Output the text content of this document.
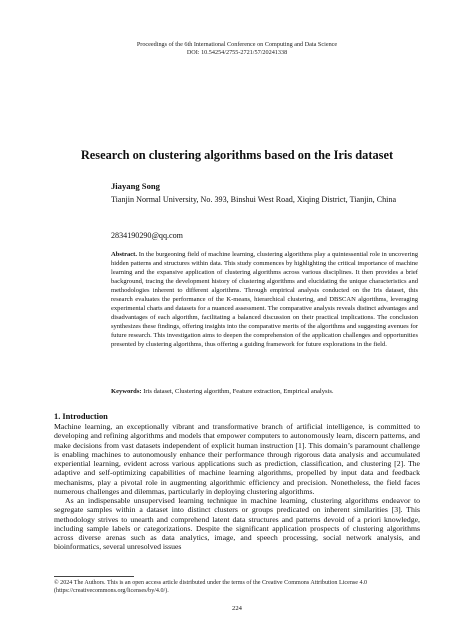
Proceedings of the 6th International Conference on Computing and Data Science
DOI: 10.54254/2755-2721/57/20241338
Research on clustering algorithms based on the Iris dataset
Jiayang Song
Tianjin Normal University, No. 393, Binshui West Road, Xiqing District, Tianjin, China
2834190290@qq.com
Abstract. In the burgeoning field of machine learning, clustering algorithms play a quintessential role in uncovering hidden patterns and structures within data. This study commences by highlighting the critical importance of machine learning and the expansive application of clustering algorithms across various disciplines. It then provides a brief background, tracing the development history of clustering algorithms and elucidating the unique characteristics and methodologies inherent to different algorithms. Through empirical analysis conducted on the Iris dataset, this research evaluates the performance of the K-means, hierarchical clustering, and DBSCAN algorithms, leveraging experimental charts and datasets for a nuanced assessment. The comparative analysis reveals distinct advantages and disadvantages of each algorithm, facilitating a balanced discussion on their practical implications. The conclusion synthesizes these findings, offering insights into the comparative merits of the algorithms and suggesting avenues for future research. This investigation aims to deepen the comprehension of the application challenges and opportunities presented by clustering algorithms, thus offering a guiding framework for future explorations in the field.
Keywords: Iris dataset, Clustering algorithm, Feature extraction, Empirical analysis.
1. Introduction

Machine learning, an exceptionally vibrant and transformative branch of artificial intelligence, is committed to developing and refining algorithms and models that empower computers to autonomously learn, discern patterns, and make decisions from vast datasets independent of explicit human instruction [1]. This domain’s paramount challenge is enabling machines to autonomously enhance their performance through rigorous data analysis and accumulated experiential learning, evident across various applications such as prediction, classification, and clustering [2]. The adaptive and self-optimizing capabilities of machine learning algorithms, propelled by input data and feedback mechanisms, play a pivotal role in augmenting algorithmic efficiency and precision. Nonetheless, the field faces numerous challenges and dilemmas, particularly in deploying clustering algorithms.

As an indispensable unsupervised learning technique in machine learning, clustering algorithms endeavor to segregate samples within a dataset into distinct clusters or groups predicated on inherent similarities [3]. This methodology strives to unearth and comprehend latent data structures and patterns devoid of a priori knowledge, including sample labels or categorizations. Despite the significant application prospects of clustering algorithms across diverse arenas such as data analytics, image, and speech processing, social network analysis, and bioinformatics, several unresolved issues

© 2024 The Authors. This is an open access article distributed under the terms of the Creative Commons Attribution License 4.0 (https://creativecommons.org/licenses/by/4.0/).
224
